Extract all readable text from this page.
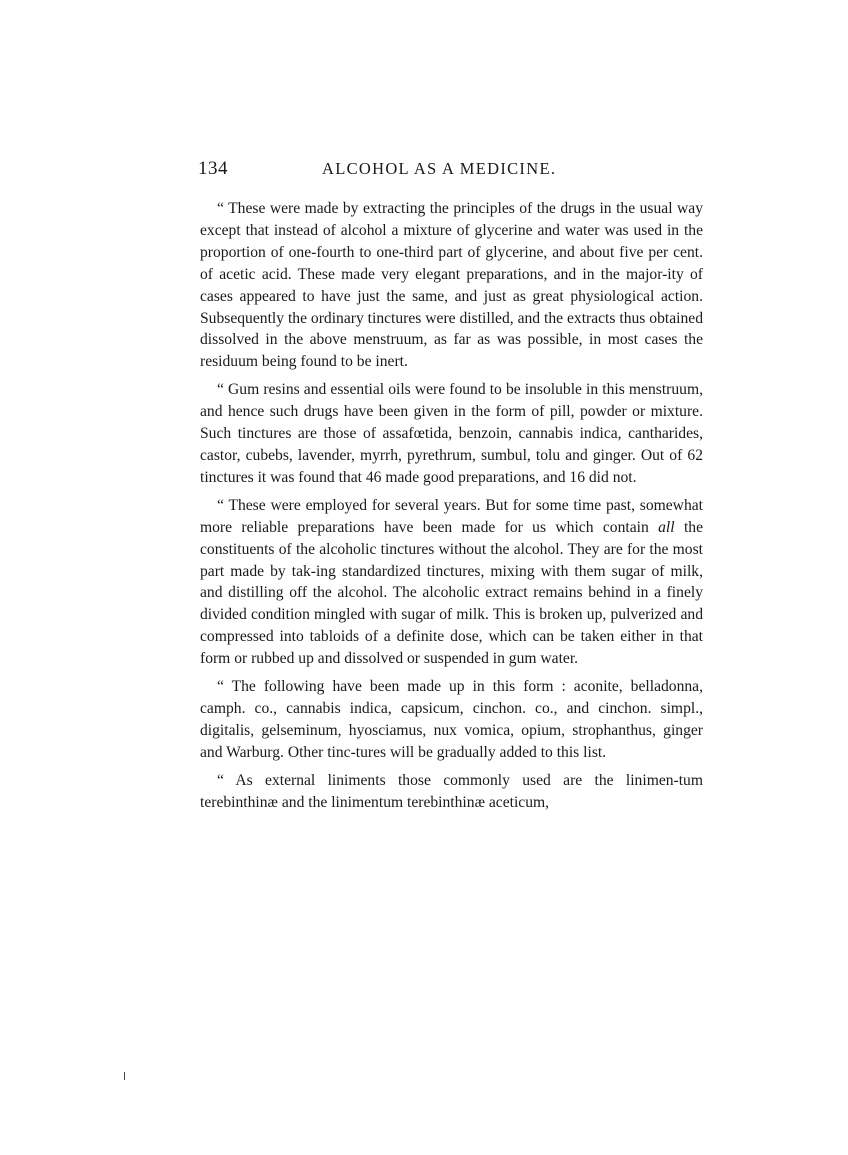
134	ALCOHOL AS A MEDICINE.

“ These were made by extracting the principles of the drugs in the usual way except that instead of alcohol a mixture of glycerine and water was used in the proportion of one-fourth to one-third part of glycerine, and about five per cent. of acetic acid. These made very elegant preparations, and in the major-ity of cases appeared to have just the same, and just as great physiological action. Subsequently the ordinary tinctures were distilled, and the extracts thus obtained dissolved in the above menstruum, as far as was possible, in most cases the residuum being found to be inert.

“ Gum resins and essential oils were found to be insoluble in this menstruum, and hence such drugs have been given in the form of pill, powder or mixture. Such tinctures are those of assafœtida, benzoin, cannabis indica, cantharides, castor, cubebs, lavender, myrrh, pyrethrum, sumbul, tolu and ginger. Out of 62 tinctures it was found that 46 made good preparations, and 16 did not.

“ These were employed for several years. But for some time past, somewhat more reliable preparations have been made for us which contain all the constituents of the alcoholic tinctures without the alcohol. They are for the most part made by tak-ing standardized tinctures, mixing with them sugar of milk, and distilling off the alcohol. The alcoholic extract remains behind in a finely divided condition mingled with sugar of milk. This is broken up, pulverized and compressed into tabloids of a definite dose, which can be taken either in that form or rubbed up and dissolved or suspended in gum water.

“ The following have been made up in this form : aconite, belladonna, camph. co., cannabis indica, capsicum, cinchon. co., and cinchon. simpl., digitalis, gelseminum, hyosciamus, nux vomica, opium, strophanthus, ginger and Warburg. Other tinc-tures will be gradually added to this list.

“ As external liniments those commonly used are the linimen-tum terebinthinæ and the linimentum terebinthinæ aceticum,
